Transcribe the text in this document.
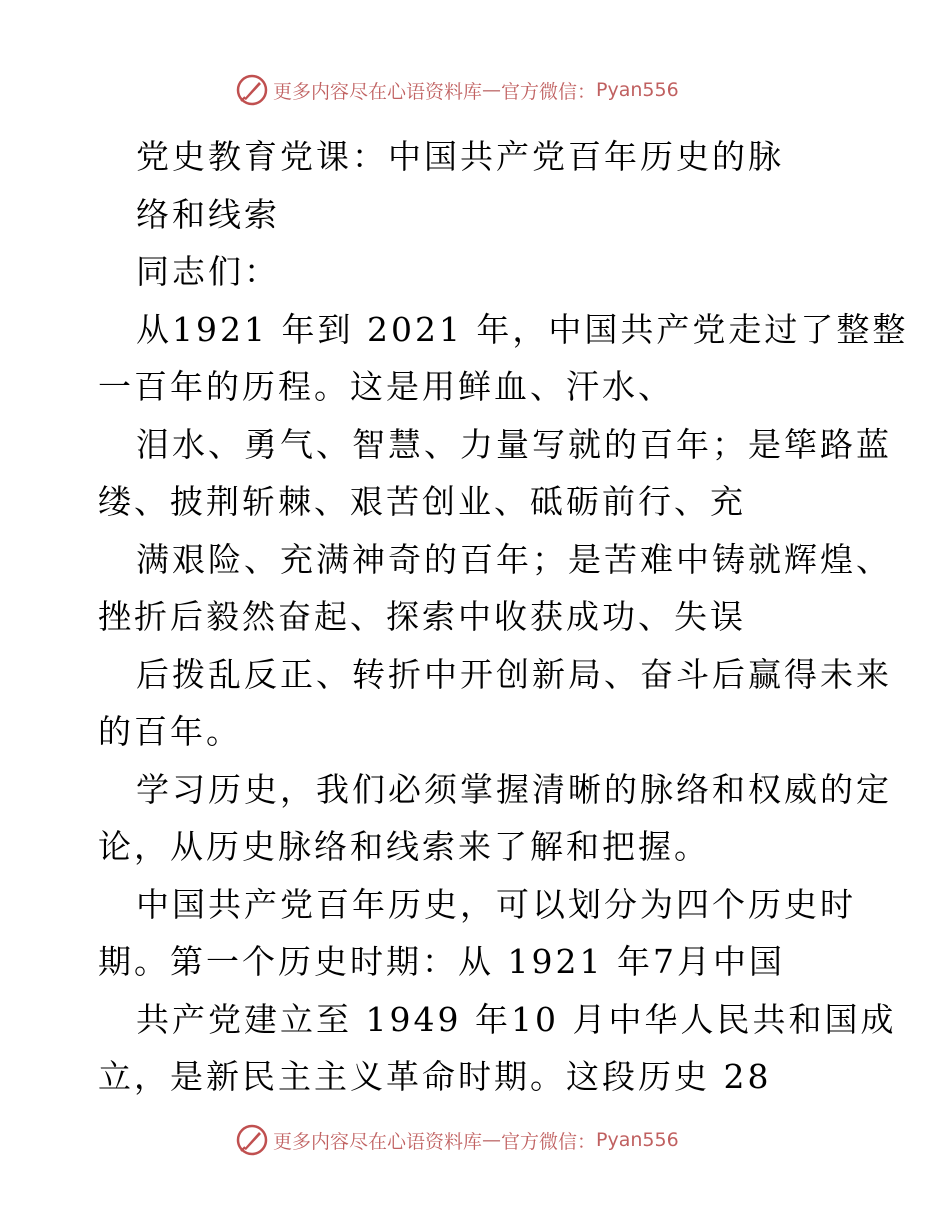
更多内容尽在心语资料库 — 官方微信： Pyan556

党史教育党课：中国共产党百年历史的脉
络和线索

同志们：

从1921 年到 2021 年，中国共产党走过了整整
一百年的历程。这是用鲜血、汗水、
泪水、勇气、智慧、力量写就的百年；是筚路蓝
缕、披荆斩棘、艰苦创业、砥砺前行、充
满艰险、充满神奇的百年；是苦难中铸就辉煌、
挫折后毅然奋起、探索中收获成功、失误
后拨乱反正、转折中开创新局、奋斗后赢得未来
的百年。

学习历史，我们必须掌握清晰的脉络和权威的定
论，从历史脉络和线索来了解和把握。

中国共产党百年历史，可以划分为四个历史时
期。第一个历史时期：从 1921 年7月中国
共产党建立至 1949 年10 月中华人民共和国成
立，是新民主主义革命时期。这段历史 28

更多内容尽在心语资料库 — 官方微信： Pyan556
